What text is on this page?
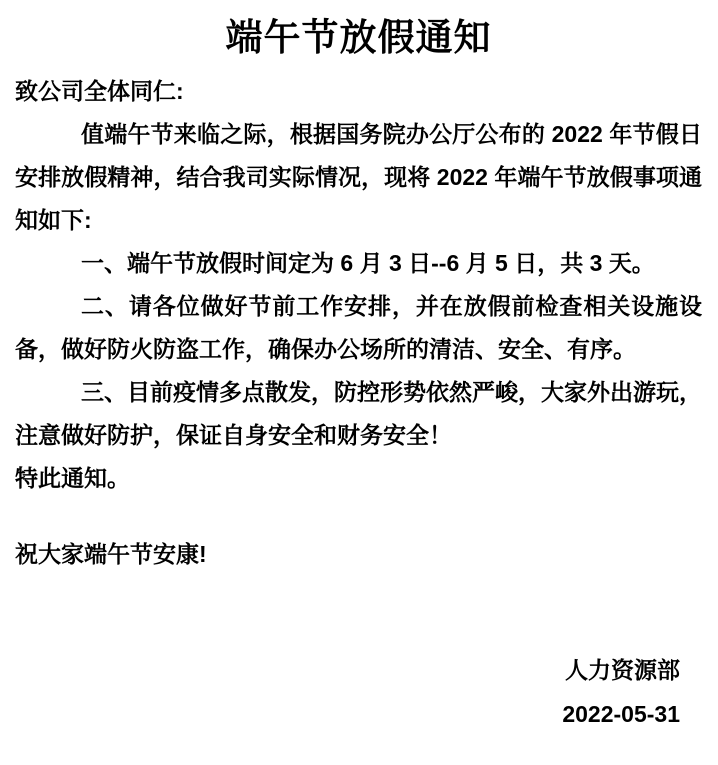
端午节放假通知

致公司全体同仁:

值端午节来临之际，根据国务院办公厅公布的 2022 年节假日安排放假精神，结合我司实际情况，现将 2022 年端午节放假事项通知如下:

一、端午节放假时间定为 6 月 3 日--6 月 5 日，共 3 天。

二、请各位做好节前工作安排，并在放假前检查相关设施设备，做好防火防盗工作，确保办公场所的清洁、安全、有序。

三、目前疫情多点散发，防控形势依然严峻，大家外出游玩，注意做好防护，保证自身安全和财务安全！

特此通知。

祝大家端午节安康!

人力资源部

2022-05-31
